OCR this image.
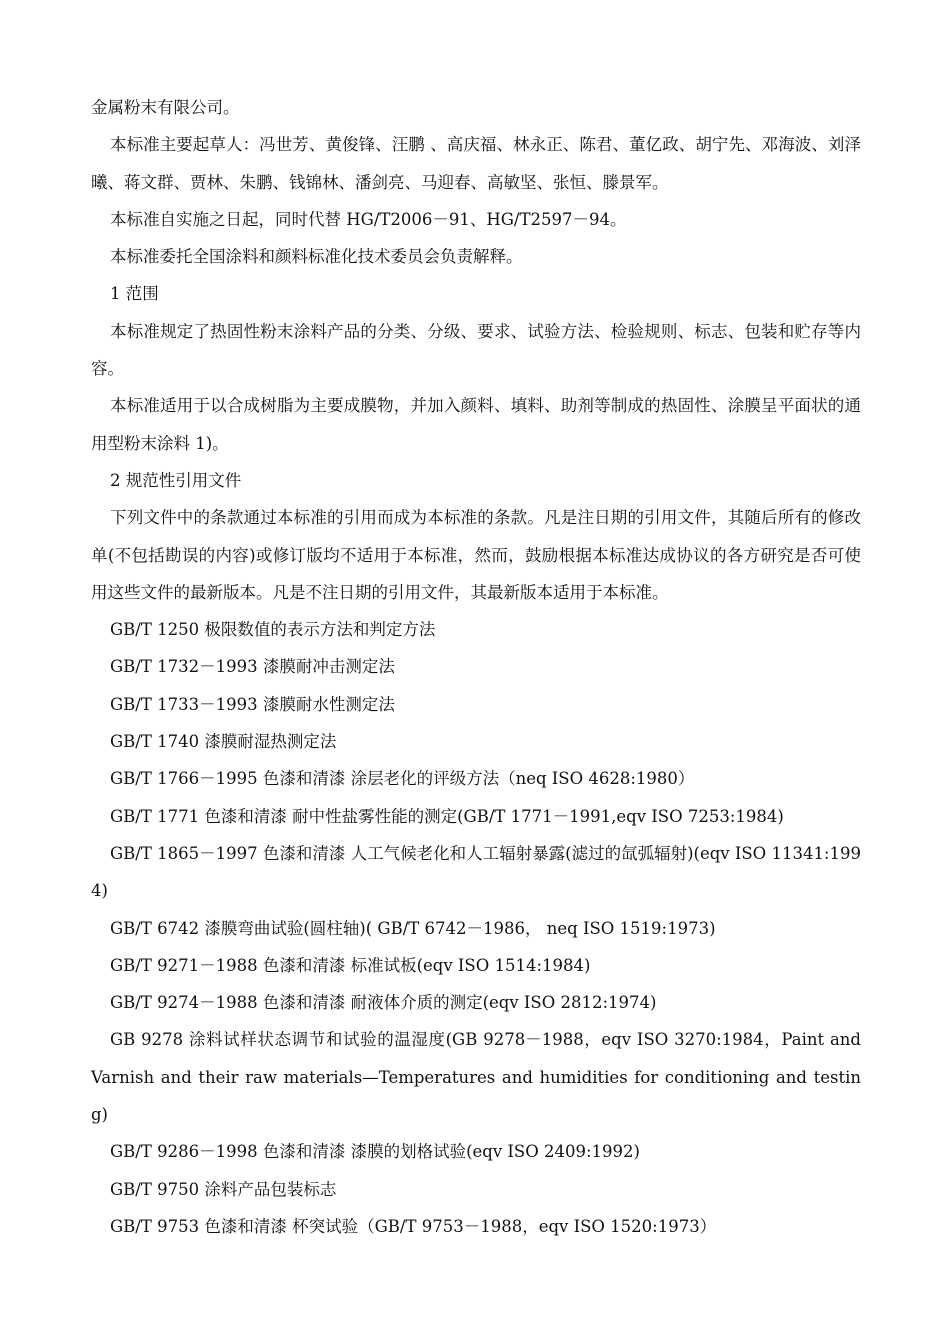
金属粉末有限公司。

本标准主要起草人：冯世芳、黄俊锋、汪鹏 、高庆福、林永正、陈君、董亿政、胡宁先、邓海波、刘泽曦、蒋文群、贾林、朱鹏、钱锦林、潘剑亮、马迎春、高敏坚、张恒、滕景军。

本标准自实施之日起，同时代替 HG/T2006－91、HG/T2597－94。

本标准委托全国涂料和颜料标准化技术委员会负责解释。

1 范围

本标准规定了热固性粉末涂料产品的分类、分级、要求、试验方法、检验规则、标志、包装和贮存等内容。

本标准适用于以合成树脂为主要成膜物，并加入颜料、填料、助剂等制成的热固性、涂膜呈平面状的通用型粉末涂料 1)。

2 规范性引用文件

下列文件中的条款通过本标准的引用而成为本标准的条款。凡是注日期的引用文件，其随后所有的修改单(不包括勘误的内容)或修订版均不适用于本标准，然而，鼓励根据本标准达成协议的各方研究是否可使用这些文件的最新版本。凡是不注日期的引用文件，其最新版本适用于本标准。

GB/T 1250 极限数值的表示方法和判定方法

GB/T 1732－1993 漆膜耐冲击测定法

GB/T 1733－1993 漆膜耐水性测定法

GB/T 1740 漆膜耐湿热测定法

GB/T 1766－1995 色漆和清漆 涂层老化的评级方法（neq ISO 4628:1980）

GB/T 1771 色漆和清漆 耐中性盐雾性能的测定(GB/T 1771－1991,eqv ISO 7253:1984)

GB/T 1865－1997 色漆和清漆 人工气候老化和人工辐射暴露(滤过的氙弧辐射)(eqv ISO 11341:1994)

GB/T 6742 漆膜弯曲试验(圆柱轴)( GB/T 6742－1986， neq ISO 1519:1973)

GB/T 9271－1988 色漆和清漆 标准试板(eqv ISO 1514:1984)

GB/T 9274－1988 色漆和清漆 耐液体介质的测定(eqv ISO 2812:1974)

GB 9278 涂料试样状态调节和试验的温湿度(GB 9278－1988，eqv ISO 3270:1984，Paint and Varnish and their raw materials—Temperatures and humidities for conditioning and testing)

GB/T 9286－1998 色漆和清漆 漆膜的划格试验(eqv ISO 2409:1992)

GB/T 9750 涂料产品包装标志

GB/T 9753 色漆和清漆 杯突试验（GB/T 9753－1988，eqv ISO 1520:1973）
